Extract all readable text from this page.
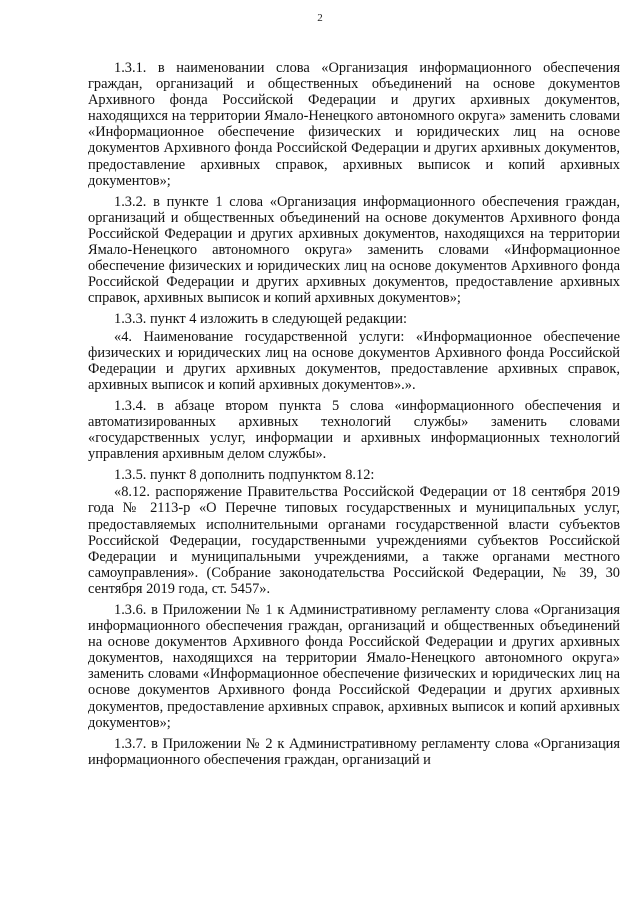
2

1.3.1. в наименовании слова «Организация информационного обеспечения граждан, организаций и общественных объединений на основе документов Архивного фонда Российской Федерации и других архивных документов, находящихся на территории Ямало-Ненецкого автономного округа» заменить словами «Информационное обеспечение физических и юридических лиц на основе документов Архивного фонда Российской Федерации и других архивных документов, предоставление архивных справок, архивных выписок и копий архивных документов»;

1.3.2. в пункте 1 слова «Организация информационного обеспечения граждан, организаций и общественных объединений на основе документов Архивного фонда Российской Федерации и других архивных документов, находящихся на территории Ямало-Ненецкого автономного округа» заменить словами «Информационное обеспечение физических и юридических лиц на основе документов Архивного фонда Российской Федерации и других архивных документов, предоставление архивных справок, архивных выписок и копий архивных документов»;

1.3.3. пункт 4 изложить в следующей редакции:

«4. Наименование государственной услуги: «Информационное обеспечение физических и юридических лиц на основе документов Архивного фонда Российской Федерации и других архивных документов, предоставление архивных справок, архивных выписок и копий архивных документов».».

1.3.4. в абзаце втором пункта 5 слова «информационного обеспечения и автоматизированных архивных технологий службы» заменить словами «государственных услуг, информации и архивных информационных технологий управления архивным делом службы».

1.3.5. пункт 8 дополнить подпунктом 8.12:

«8.12. распоряжение Правительства Российской Федерации от 18 сентября 2019 года № 2113-р «О Перечне типовых государственных и муниципальных услуг, предоставляемых исполнительными органами государственной власти субъектов Российской Федерации, государственными учреждениями субъектов Российской Федерации и муниципальными учреждениями, а также органами местного самоуправления». (Собрание законодательства Российской Федерации, № 39, 30 сентября 2019 года, ст. 5457».

1.3.6. в Приложении № 1 к Административному регламенту слова «Организация информационного обеспечения граждан, организаций и общественных объединений на основе документов Архивного фонда Российской Федерации и других архивных документов, находящихся на территории Ямало-Ненецкого автономного округа» заменить словами «Информационное обеспечение физических и юридических лиц на основе документов Архивного фонда Российской Федерации и других архивных документов, предоставление архивных справок, архивных выписок и копий архивных документов»;

1.3.7. в Приложении № 2 к Административному регламенту слова «Организация информационного обеспечения граждан, организаций и
